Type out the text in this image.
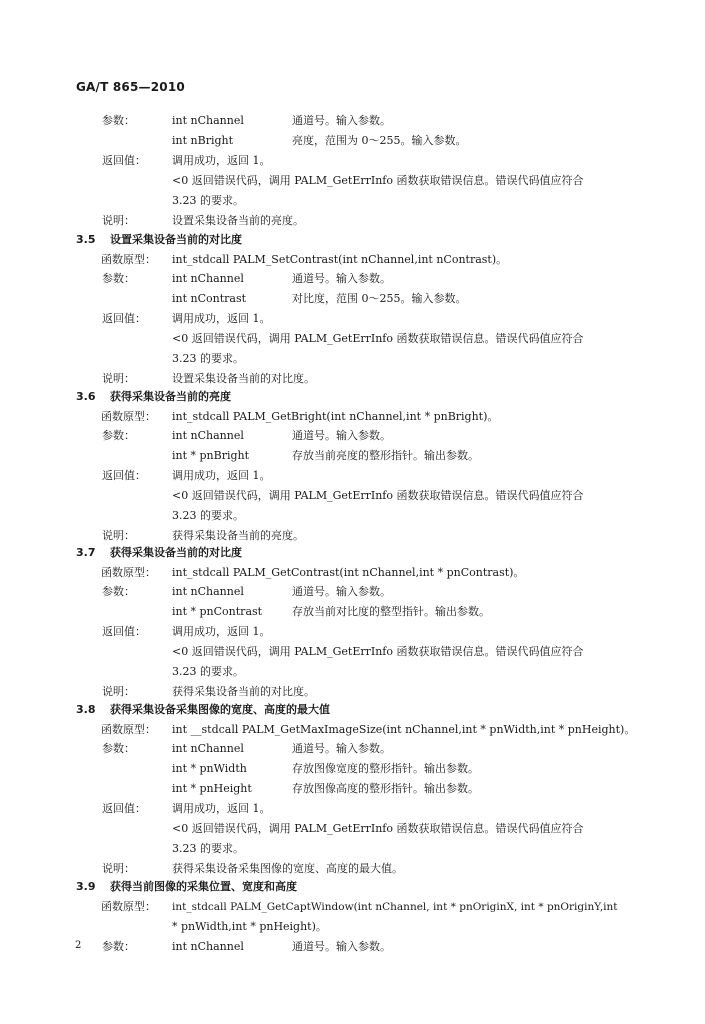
GA/T 865—2010
参数：	int nChannel	通道号。输入参数。
int nBright	亮度，范围为 0～255。输入参数。
返回值： 调用成功，返回 1。
<0 返回错误代码，调用 PALM_GetErrInfo 函数获取错误信息。错误代码值应符合
3.23 的要求。
说明：	设置采集设备当前的亮度。
3.5 设置采集设备当前的对比度
函数原型： int_stdcall PALM_SetContrast(int nChannel,int nContrast)。
参数：	int nChannel	通道号。输入参数。
int nContrast	对比度，范围 0～255。输入参数。
返回值： 调用成功，返回 1。
<0 返回错误代码，调用 PALM_GetErrInfo 函数获取错误信息。错误代码值应符合
3.23 的要求。
说明：	设置采集设备当前的对比度。
3.6 获得采集设备当前的亮度
函数原型： int_stdcall PALM_GetBright(int nChannel,int * pnBright)。
参数：	int nChannel	通道号。输入参数。
int * pnBright	存放当前亮度的整形指针。输出参数。
返回值： 调用成功，返回 1。
<0 返回错误代码，调用 PALM_GetErrInfo 函数获取错误信息。错误代码值应符合
3.23 的要求。
说明：	获得采集设备当前的亮度。
3.7 获得采集设备当前的对比度
函数原型： int_stdcall PALM_GetContrast(int nChannel,int * pnContrast)。
参数：	int nChannel	通道号。输入参数。
int * pnContrast	存放当前对比度的整型指针。输出参数。
返回值： 调用成功，返回 1。
<0 返回错误代码，调用 PALM_GetErrInfo 函数获取错误信息。错误代码值应符合
3.23 的要求。
说明：	获得采集设备当前的对比度。
3.8 获得采集设备采集图像的宽度、高度的最大值
函数原型： int __stdcall PALM_GetMaxImageSize(int nChannel,int * pnWidth,int * pnHeight)。
参数：	int nChannel	通道号。输入参数。
int * pnWidth	存放图像宽度的整形指针。输出参数。
int * pnHeight	存放图像高度的整形指针。输出参数。
返回值： 调用成功，返回 1。
<0 返回错误代码，调用 PALM_GetErrInfo 函数获取错误信息。错误代码值应符合
3.23 的要求。
说明：	获得采集设备采集图像的宽度、高度的最大值。
3.9 获得当前图像的采集位置、宽度和高度
函数原型： int_stdcall PALM_GetCaptWindow(int nChannel, int * pnOriginX, int * pnOriginY,int
* pnWidth,int * pnHeight)。
参数：	int nChannel	通道号。输入参数。
2
